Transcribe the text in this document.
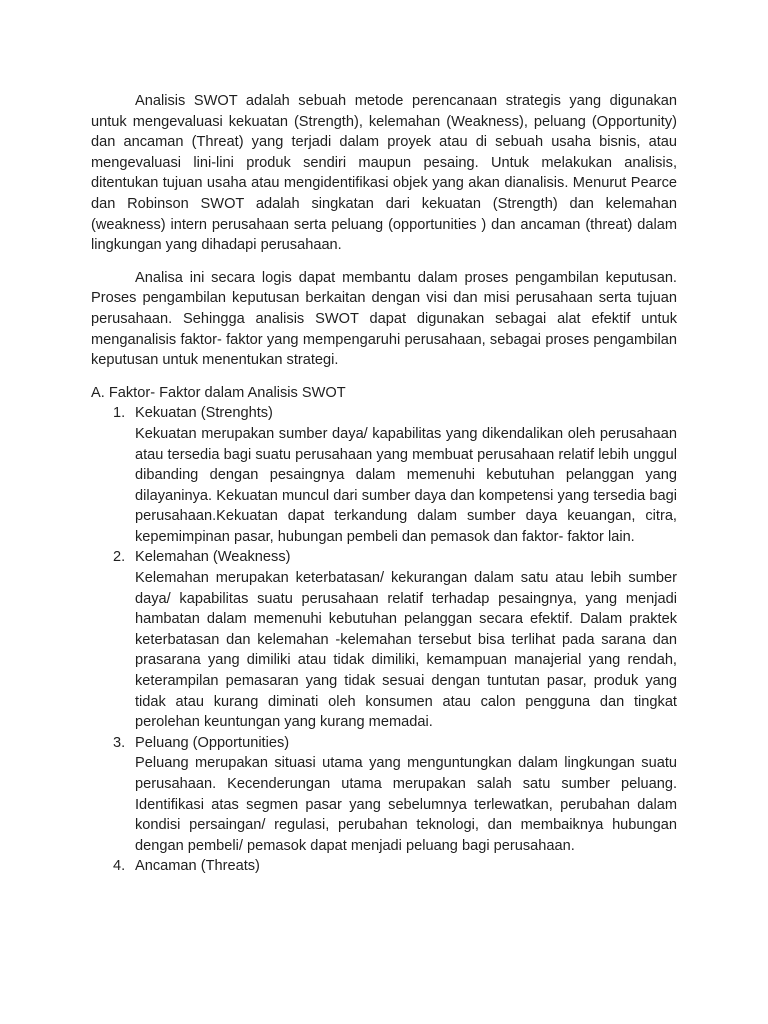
Analisis SWOT adalah sebuah metode perencanaan strategis yang digunakan untuk mengevaluasi kekuatan (Strength), kelemahan (Weakness), peluang (Opportunity) dan ancaman (Threat) yang terjadi dalam proyek atau di sebuah usaha bisnis, atau mengevaluasi lini-lini produk sendiri maupun pesaing. Untuk melakukan analisis, ditentukan tujuan usaha atau mengidentifikasi objek yang akan dianalisis. Menurut Pearce dan Robinson SWOT adalah singkatan dari kekuatan (Strength) dan kelemahan (weakness) intern perusahaan serta peluang (opportunities ) dan ancaman (threat) dalam lingkungan yang dihadapi perusahaan.

Analisa ini secara logis dapat membantu dalam proses pengambilan keputusan. Proses pengambilan keputusan berkaitan dengan visi dan misi perusahaan serta tujuan perusahaan. Sehingga analisis SWOT dapat digunakan sebagai alat efektif untuk menganalisis faktor- faktor yang mempengaruhi perusahaan, sebagai proses pengambilan keputusan untuk menentukan strategi.

A. Faktor- Faktor dalam Analisis SWOT

1. Kekuatan (Strenghts)
Kekuatan merupakan sumber daya/ kapabilitas yang dikendalikan oleh perusahaan atau tersedia bagi suatu perusahaan yang membuat perusahaan relatif lebih unggul dibanding dengan pesaingnya dalam memenuhi kebutuhan pelanggan yang dilayaninya. Kekuatan muncul dari sumber daya dan kompetensi yang tersedia bagi perusahaan.Kekuatan dapat terkandung dalam sumber daya keuangan, citra, kepemimpinan pasar, hubungan pembeli dan pemasok dan faktor- faktor lain.
2. Kelemahan (Weakness)
Kelemahan merupakan keterbatasan/ kekurangan dalam satu atau lebih sumber daya/ kapabilitas suatu perusahaan relatif terhadap pesaingnya, yang menjadi hambatan dalam memenuhi kebutuhan pelanggan secara efektif. Dalam praktek keterbatasan dan kelemahan -kelemahan tersebut bisa terlihat pada sarana dan prasarana yang dimiliki atau tidak dimiliki, kemampuan manajerial yang rendah, keterampilan pemasaran yang tidak sesuai dengan tuntutan pasar, produk yang tidak atau kurang diminati oleh konsumen atau calon pengguna dan tingkat perolehan keuntungan yang kurang memadai.
3. Peluang (Opportunities)
Peluang merupakan situasi utama yang menguntungkan dalam lingkungan suatu perusahaan. Kecenderungan utama merupakan salah satu sumber peluang. Identifikasi atas segmen pasar yang sebelumnya terlewatkan, perubahan dalam kondisi persaingan/ regulasi, perubahan teknologi, dan membaiknya hubungan dengan pembeli/ pemasok dapat menjadi peluang bagi perusahaan.
4. Ancaman (Threats)
